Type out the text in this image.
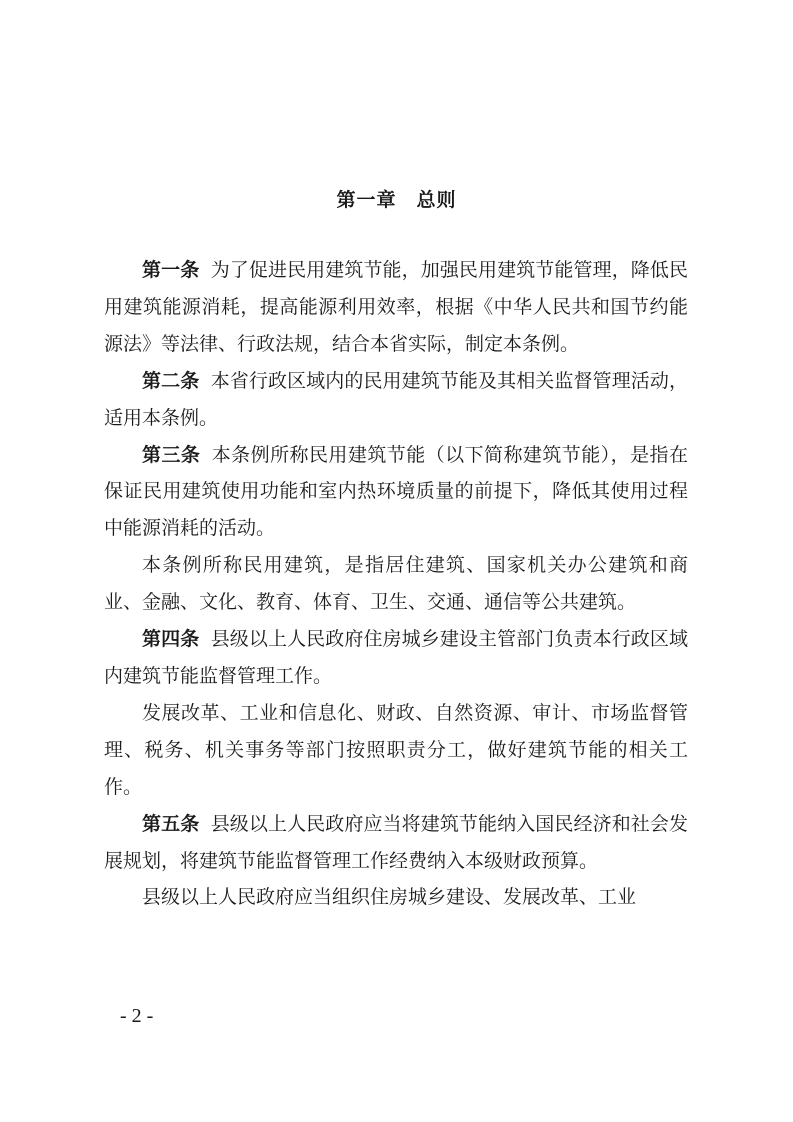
第一章　总则

第一条 为了促进民用建筑节能，加强民用建筑节能管理，降低民用建筑能源消耗，提高能源利用效率，根据《中华人民共和国节约能源法》等法律、行政法规，结合本省实际，制定本条例。

第二条 本省行政区域内的民用建筑节能及其相关监督管理活动，适用本条例。

第三条 本条例所称民用建筑节能（以下简称建筑节能），是指在保证民用建筑使用功能和室内热环境质量的前提下，降低其使用过程中能源消耗的活动。

本条例所称民用建筑，是指居住建筑、国家机关办公建筑和商业、金融、文化、教育、体育、卫生、交通、通信等公共建筑。

第四条 县级以上人民政府住房城乡建设主管部门负责本行政区域内建筑节能监督管理工作。

发展改革、工业和信息化、财政、自然资源、审计、市场监督管理、税务、机关事务等部门按照职责分工，做好建筑节能的相关工作。

第五条 县级以上人民政府应当将建筑节能纳入国民经济和社会发展规划，将建筑节能监督管理工作经费纳入本级财政预算。

县级以上人民政府应当组织住房城乡建设、发展改革、工业

- 2 -
